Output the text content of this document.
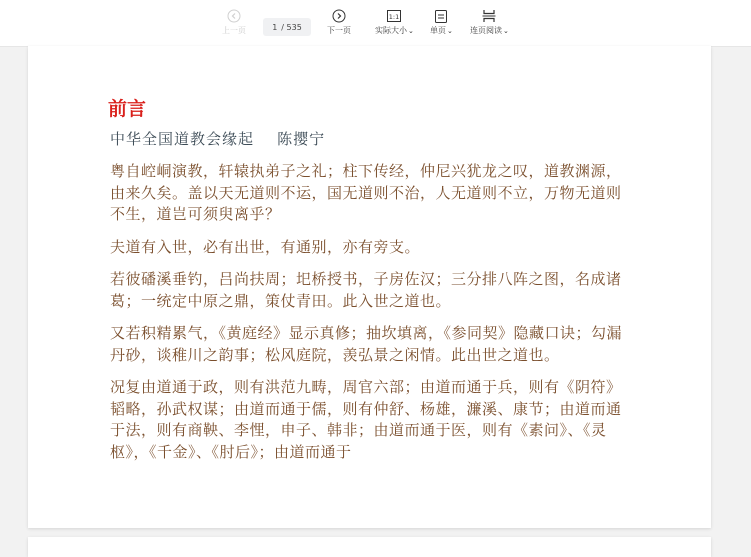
上一页	1 / 535	下一页
1:1
实际大小⌄ 单页⌄ 连页阅读⌄
前言
中华全国道教会缘起    陈撄宁

粤自崆峒演教，轩辕执弟子之礼；柱下传经，仲尼兴犹龙之叹，道教渊源，由来久矣。盖以天无道则不运，国无道则不治，人无道则不立，万物无道则不生，道岂可须臾离乎？

夫道有入世，必有出世，有通别，亦有旁支。

若彼磻溪垂钓，吕尚扶周；圯桥授书，子房佐汉；三分排八阵之图，名成诸葛；一统定中原之鼎，策仗青田。此入世之道也。

又若积精累气，《黄庭经》显示真修；抽坎填离，《参同契》隐藏口诀；勾漏丹砂，谈稚川之韵事；松风庭院，羡弘景之闲情。此出世之道也。

况复由道通于政，则有洪范九畴，周官六部；由道而通于兵，则有《阴符》韬略，孙武权谋；由道而通于儒，则有仲舒、杨雄，濂溪、康节；由道而通于法，则有商鞅、李悝，申子、韩非；由道而通于医，则有《素问》、《灵枢》，《千金》、《肘后》；由道而通于
